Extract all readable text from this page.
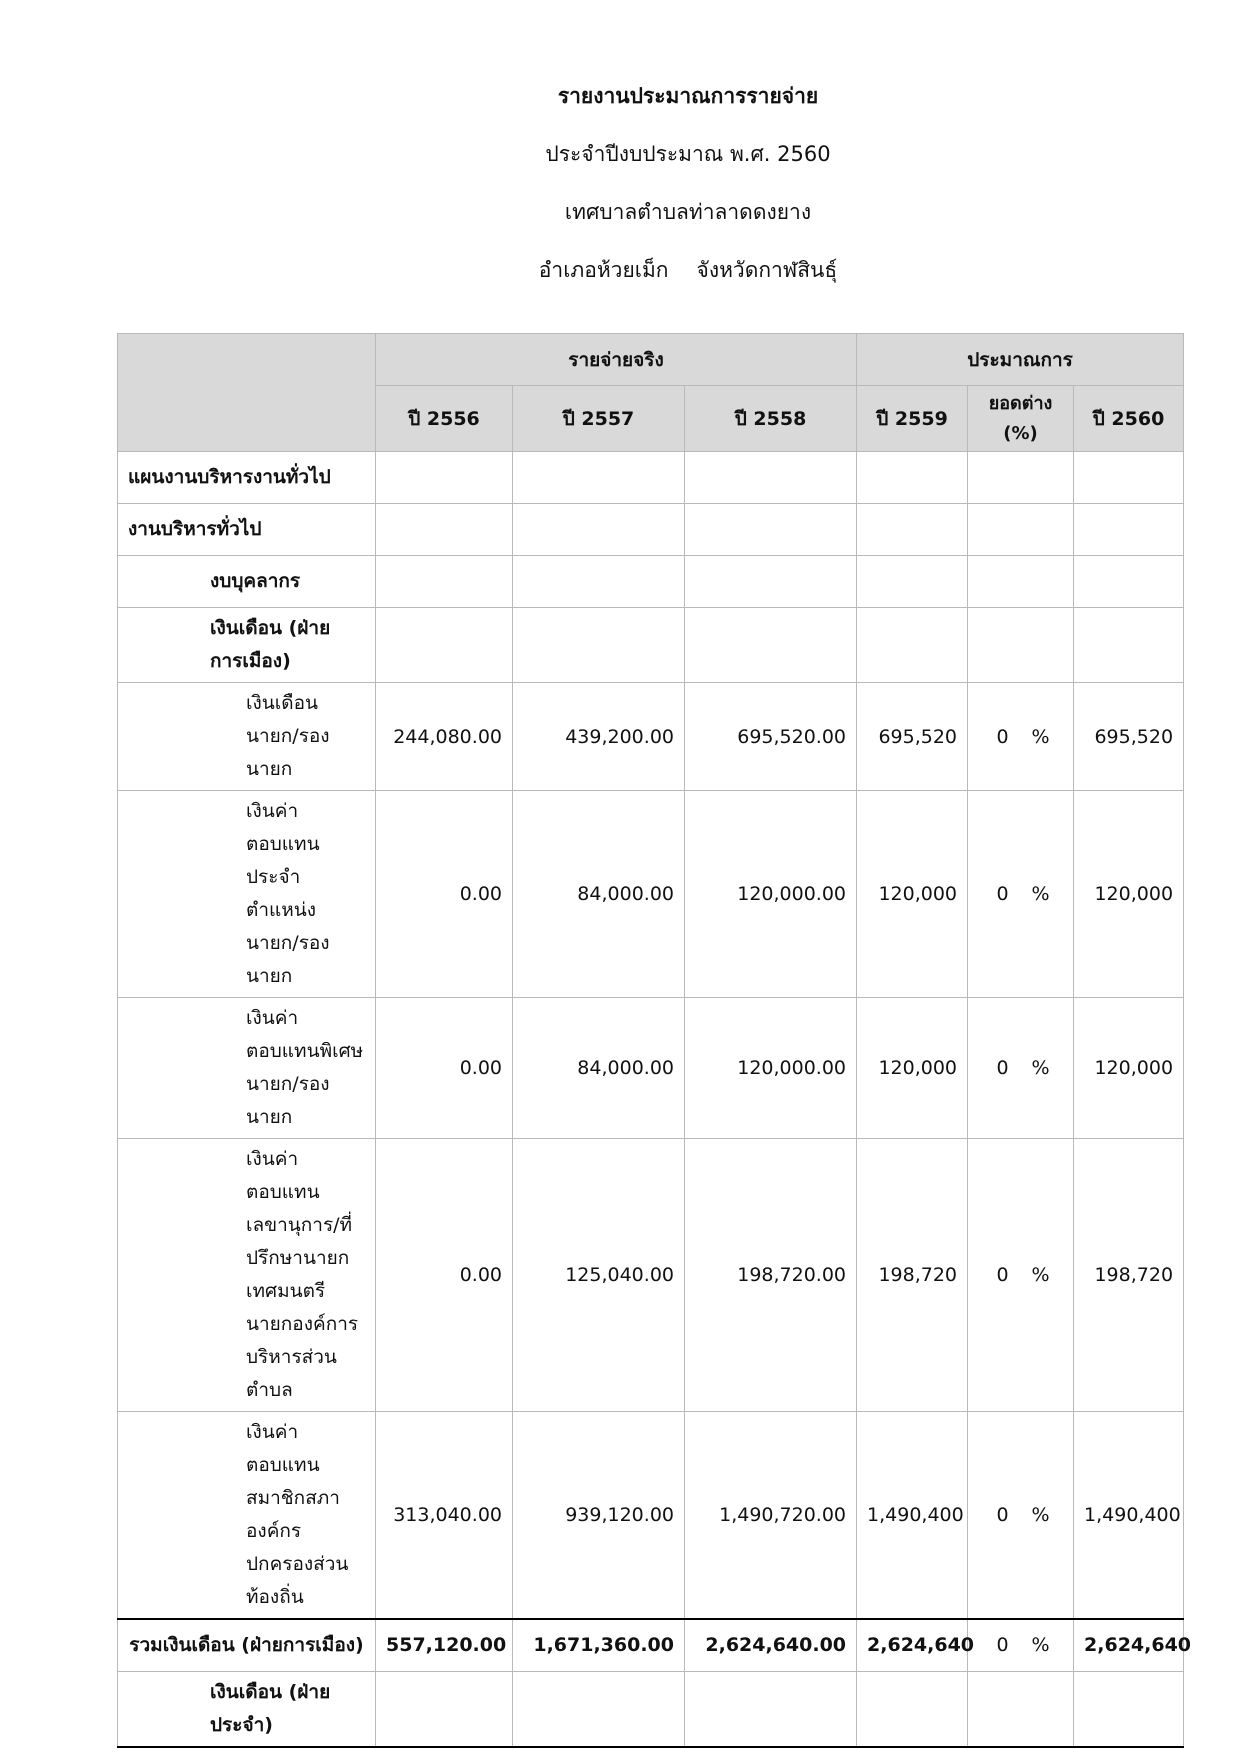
รายงานประมาณการรายจ่าย
ประจำปีงบประมาณ พ.ศ. 2560
เทศบาลตำบลท่าลาดดงยาง
อำเภอห้วยเม็ก จังหวัดกาฬสินธุ์
	รายจ่ายจริง			ประมาณการ		
	ปี 2556	ปี 2557	ปี 2558	ปี 2559	ยอดต่าง (%)	ปี 2560
แผนงานบริหารงานทั่วไป						
งานบริหารทั่วไป						
งบบุคลากร						
เงินเดือน (ฝ่ายการเมือง)						
เงินเดือนนายก/รองนายก	244,080.00	439,200.00	695,520.00	695,520	0 %	695,520
เงินค่าตอบแทนประจำตำแหน่งนายก/รองนายก	0.00	84,000.00	120,000.00	120,000	0 %	120,000
เงินค่าตอบแทนพิเศษนายก/รองนายก	0.00	84,000.00	120,000.00	120,000	0 %	120,000
เงินค่าตอบแทนเลขานุการ/ที่ปรึกษานายกเทศมนตรี นายกองค์การบริหารส่วนตำบล	0.00	125,040.00	198,720.00	198,720	0 %	198,720
เงินค่าตอบแทนสมาชิกสภาองค์กรปกครองส่วนท้องถิ่น	313,040.00	939,120.00	1,490,720.00	1,490,400	0 %	1,490,400
รวมเงินเดือน (ฝ่ายการเมือง)	557,120.00	1,671,360.00	2,624,640.00	2,624,640	0 %	2,624,640
เงินเดือน (ฝ่ายประจำ)						
